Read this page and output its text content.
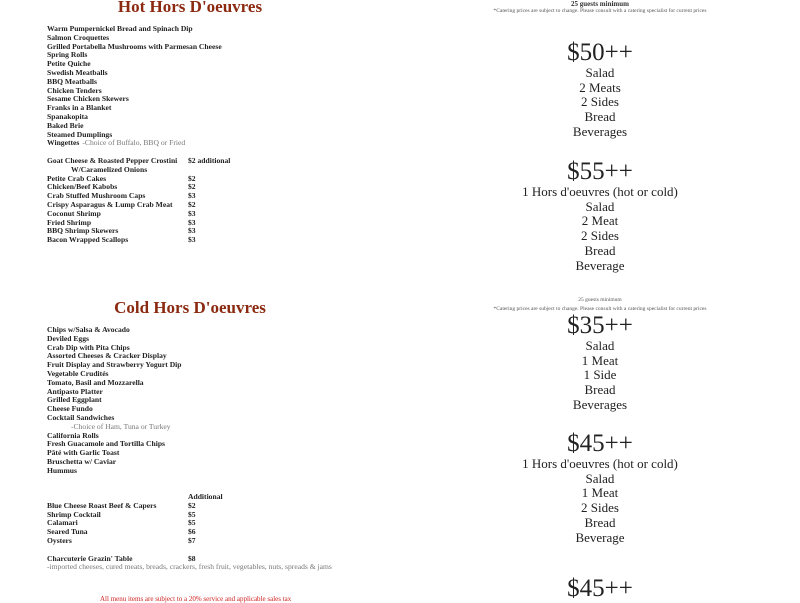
Hot Hors D'oeuvres
Warm Pumpernickel Bread and Spinach Dip
Salmon Croquettes
Grilled Portabella Mushrooms with Parmesan Cheese
Spring Rolls
Petite Quiche
Swedish Meatballs
BBQ Meatballs
Chicken Tenders
Sesame Chicken Skewers
Franks in a Blanket
Spanakopita
Baked Brie
Steamed Dumplings
Wingettes -Choice of Buffalo, BBQ or Fried
Goat Cheese & Roasted Pepper Crostini $2 additional
W/Caramelized Onions
Petite Crab Cakes	$2
Chicken/Beef Kabobs	$2
Crab Stuffed Mushroom Caps	$3
Crispy Asparagus & Lump Crab Meat $2
Coconut Shrimp	$3
Fried Shrimp	$3
BBQ Shrimp Skewers	$3
Bacon Wrapped Scallops	$3
Cold Hors D'oeuvres
Chips w/Salsa & Avocado
Deviled Eggs
Crab Dip with Pita Chips
Assorted Cheeses & Cracker Display
Fruit Display and Strawberry Yogurt Dip
Vegetable Crudités
Tomato, Basil and Mozzarella
Antipasto Platter
Grilled Eggplant
Cheese Fundo
Cocktail Sandwiches
-Choice of Ham, Tuna or Turkey
California Rolls
Fresh Guacamole and Tortilla Chips
Pâté with Garlic Toast
Bruschetta w/ Caviar
Hummus
Additional
Blue Cheese Roast Beef & Capers	$2
Shrimp Cocktail	$5
Calamari	$5
Seared Tuna	$6
Oysters	$7
Charcuterie Grazin' Table	$8
-imported cheeses, cured meats, breads, crackers, fresh fruit, vegetables, nuts, spreads & jams
All menu items are subject to a 20% service and applicable sales tax
25 guests minimum
*Catering prices are subject to change. Please consult with a catering specialist for current prices
$50++
Salad
2 Meats
2 Sides
Bread
Beverages
$55++
1 Hors d'oeuvres (hot or cold)
Salad
2 Meat
2 Sides
Bread
Beverage
25 guests minimum
*Catering prices are subject to change. Please consult with a catering specialist for current prices
$35++
Salad
1 Meat
1 Side
Bread
Beverages
$45++
1 Hors d'oeuvres (hot or cold)
Salad
1 Meat
2 Sides
Bread
Beverage
$45++
